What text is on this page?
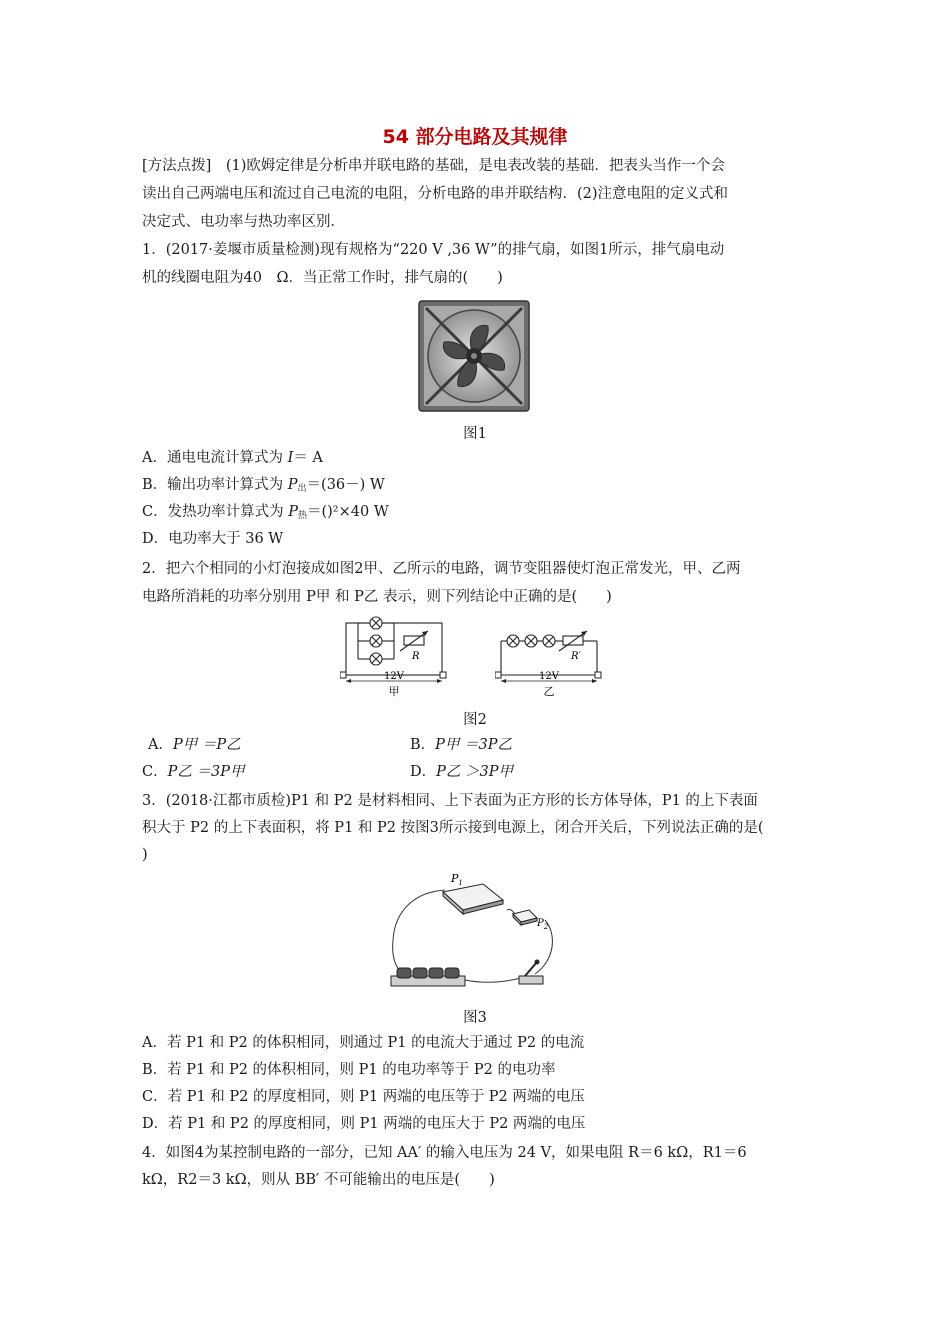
54 部分电路及其规律
[方法点拨]　(1)欧姆定律是分析串并联电路的基础，是电表改装的基础．把表头当作一个会
读出自己两端电压和流过自己电流的电阻，分析电路的串并联结构．(2)注意电阻的定义式和
决定式、电功率与热功率区别．
1．(2017·姜堰市质量检测)现有规格为“220 V ,36 W”的排气扇，如图1所示，排气扇电动
机的线圈电阻为40　Ω．当正常工作时，排气扇的(　　)
图1
A．通电电流计算式为 I＝ A
B．输出功率计算式为 $P_出=(36-)$ W
C．发热功率计算式为 $P_热=()^2\times 40$ W
D．电功率大于 36 W
2．把六个相同的小灯泡接成如图2甲、乙所示的电路，调节变阻器使灯泡正常发光，甲、乙两
电路所消耗的功率分别用 P甲 和 P乙 表示，则下列结论中正确的是(　　)
R
12V
甲
R′
12V
乙
图2
A．P甲 ＝P乙	B．P甲 ＝3P乙
C．P乙 ＝3P甲	D．P乙 ＞3P甲
3．(2018·江都市质检)P1 和 P2 是材料相同、上下表面为正方形的长方体导体，P1 的上下表面
积大于 P2 的上下表面积，将 P1 和 P2 按图3所示接到电源上，闭合开关后，下列说法正确的是(
)
$P_1$
$P_2$
图3
A．若 P1 和 P2 的体积相同，则通过 P1 的电流大于通过 P2 的电流
B．若 P1 和 P2 的体积相同，则 P1 的电功率等于 P2 的电功率
C．若 P1 和 P2 的厚度相同，则 P1 两端的电压等于 P2 两端的电压
D．若 P1 和 P2 的厚度相同，则 P1 两端的电压大于 P2 两端的电压
4．如图4为某控制电路的一部分，已知 AA′ 的输入电压为 24 V，如果电阻 R＝6 kΩ，R1＝6
kΩ，R2＝3 kΩ，则从 BB′ 不可能输出的电压是(　　)
